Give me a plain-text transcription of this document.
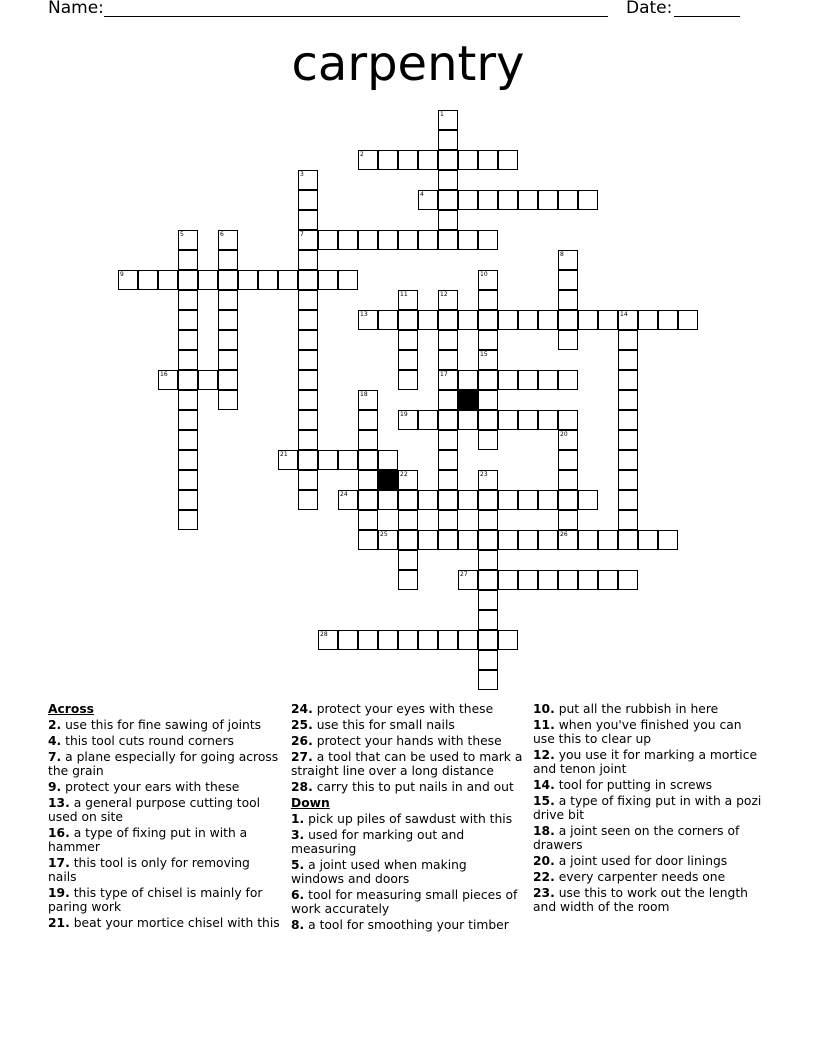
Name:	Date:
carpentry
1
2
3
7
4
5	6
8
9	10
15
11	12
17
13	14
16
18
19
20
26
21
22	23
24
25
27
28
Across
2. use this for fine sawing of joints
4. this tool cuts round corners
7. a plane especially for going across the grain
9. protect your ears with these
13. a general purpose cutting tool used on site
16. a type of fixing put in with a hammer
17. this tool is only for removing nails
19. this type of chisel is mainly for paring work
21. beat your mortice chisel with this
24. protect your eyes with these
25. use this for small nails
26. protect your hands with these
27. a tool that can be used to mark a straight line over a long distance
28. carry this to put nails in and out
Down
1. pick up piles of sawdust with this
3. used for marking out and measuring
5. a joint used when making windows and doors
6. tool for measuring small pieces of work accurately
8. a tool for smoothing your timber
10. put all the rubbish in here
11. when you've finished you can use this to clear up
12. you use it for marking a mortice and tenon joint
14. tool for putting in screws
15. a type of fixing put in with a pozi drive bit
18. a joint seen on the corners of drawers
20. a joint used for door linings
22. every carpenter needs one
23. use this to work out the length and width of the room
